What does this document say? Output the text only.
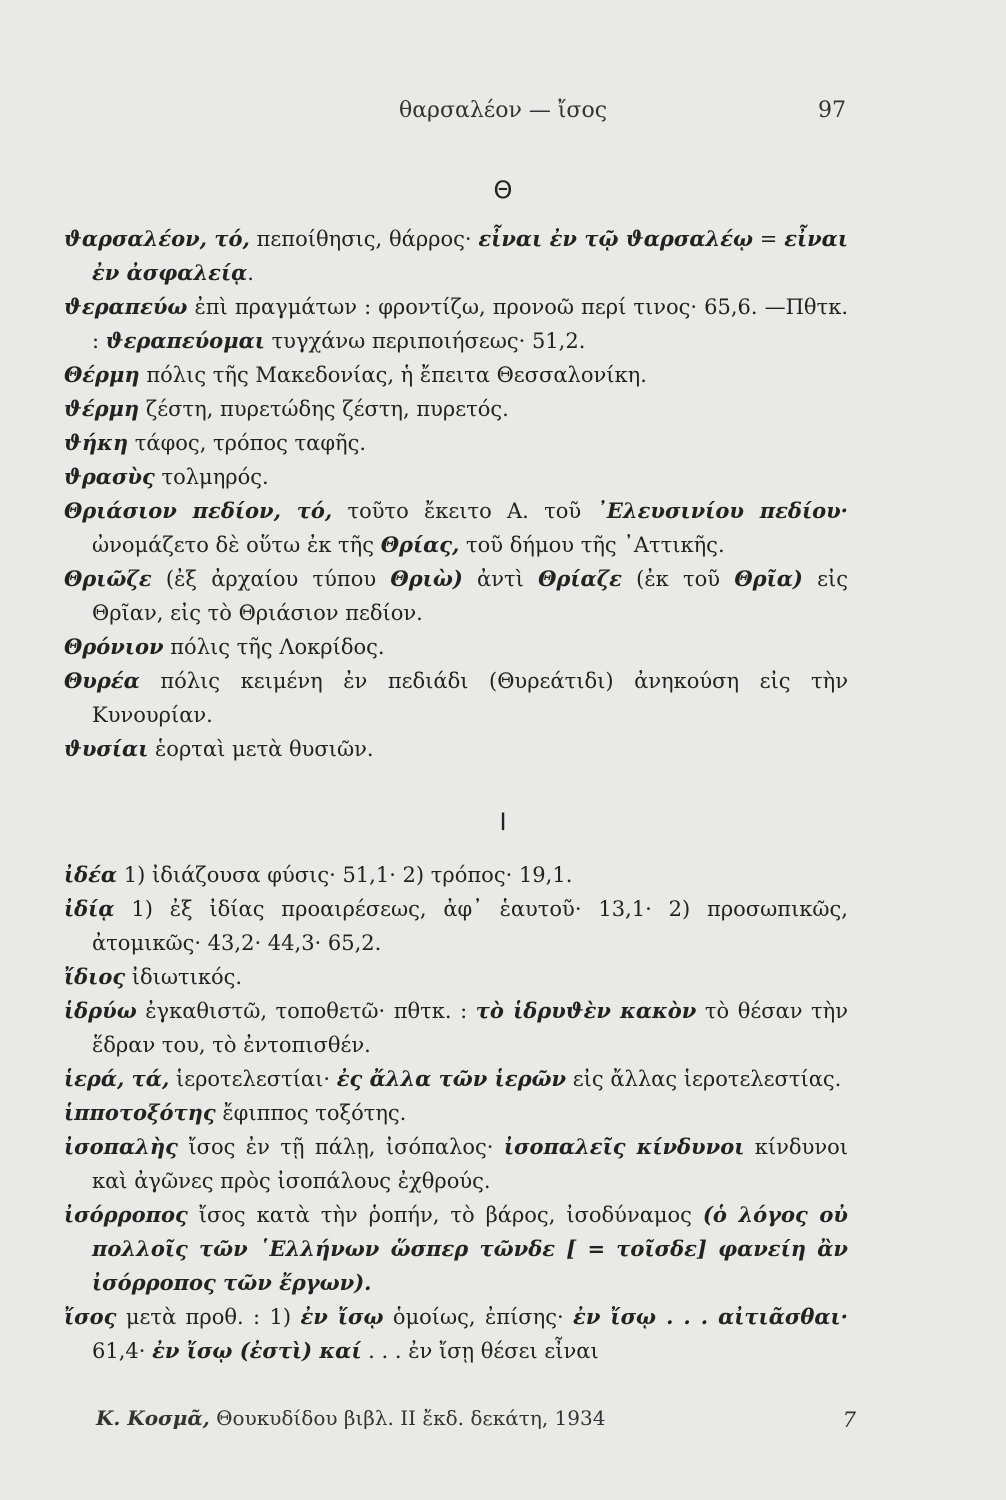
θαρσαλέον — ἴσος	97
Θ

ϑαρσαλέον, τό, πεποίθησις, θάρρος· εἶναι ἐν τῷ ϑαρσαλέῳ = εἶναι ἐν ἀσφαλείᾳ.

ϑεραπεύω ἐπὶ πραγμάτων : φροντίζω, προνοῶ περί τινος· 65,6. —Πθτκ. : ϑεραπεύομαι τυγχάνω περιποιήσεως· 51,2.

Θέρμη πόλις τῆς Μακεδονίας, ἡ ἔπειτα Θεσσαλονίκη.

ϑέρμη ζέστη, πυρετώδης ζέστη, πυρετός.

ϑήκη τάφος, τρόπος ταφῆς.

ϑρασὺς τολμηρός.

Θριάσιον πεδίον, τό, τοῦτο ἔκειτο Α. τοῦ ᾿Ελευσινίου πεδίου· ὠνομάζετο δὲ οὕτω ἐκ τῆς Θρίας, τοῦ δήμου τῆς ᾿Αττικῆς.

Θριῶζε (ἐξ ἀρχαίου τύπου Θριὼ) ἀντὶ Θρίαζε (ἐκ τοῦ Θρῖα) εἰς Θρῖαν, εἰς τὸ Θριάσιον πεδίον.

Θρόνιον πόλις τῆς Λοκρίδος.

Θυρέα πόλις κειμένη ἐν πεδιάδι (Θυρεάτιδι) ἀνηκούση εἰς τὴν Κυνουρίαν.

ϑυσίαι ἑορταὶ μετὰ θυσιῶν.

Ι

ἰδέα 1) ἰδιάζουσα φύσις· 51,1· 2) τρόπος· 19,1.

ἰδίᾳ 1) ἐξ ἰδίας προαιρέσεως, ἀφ᾿ ἑαυτοῦ· 13,1· 2) προσωπικῶς, ἀτομικῶς· 43,2· 44,3· 65,2.

ἴδιος ἰδιωτικός.

ἱδρύω ἐγκαθιστῶ, τοποθετῶ· πθτκ. : τὸ ἱδρυϑὲν κακὸν τὸ θέσαν τὴν ἕδραν του, τὸ ἐντοπισθέν.

ἱερά, τά, ἱεροτελεστίαι· ἐς ἄλλα τῶν ἱερῶν εἰς ἄλλας ἱεροτελεστίας.

ἱπποτοξότης ἔφιππος τοξότης.

ἰσοπαλὴς ἴσος ἐν τῇ πάλῃ, ἰσόπαλος· ἰσοπαλεῖς κίνδυνοι κίνδυνοι καὶ ἀγῶνες πρὸς ἰσοπάλους ἐχθρούς.

ἰσόρροπος ἴσος κατὰ τὴν ῥοπήν, τὸ βάρος, ἰσοδύναμος (ὁ λόγος οὐ πολλοῖς τῶν ῾Ελλήνων ὥσπερ τῶνδε [ = τοῖσδε] φανείη ἂν ἰσόρροπος τῶν ἔργων).

ἴσος μετὰ προθ. : 1) ἐν ἴσῳ ὁμοίως, ἐπίσης· ἐν ἴσῳ . . . αἰτιᾶσθαι· 61,4· ἐν ἴσῳ (ἐστὶ) καί . . . ἐν ἴσῃ θέσει εἶναι

Κ. Κοσμᾶ, Θουκυδίδου βιβλ. II ἔκδ. δεκάτη, 1934	7
